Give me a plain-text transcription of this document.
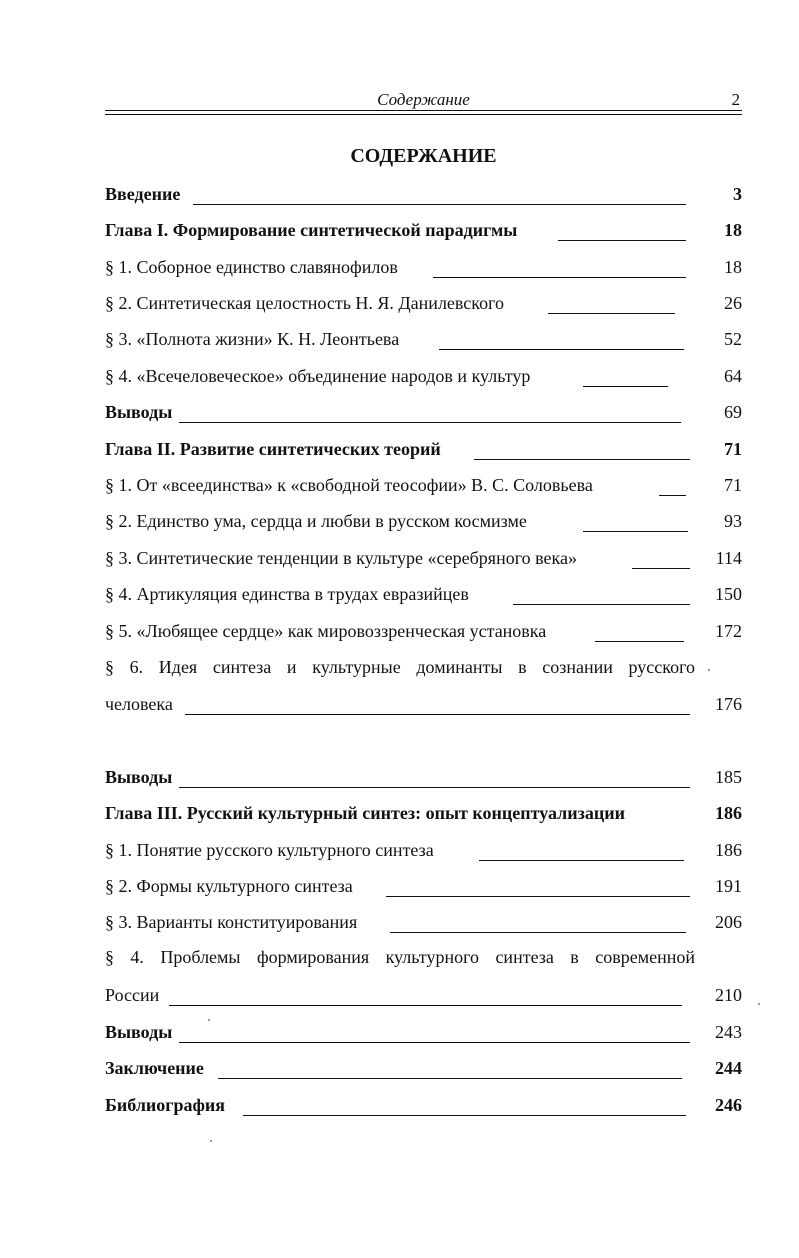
Содержание	2
СОДЕРЖАНИЕ
Введение	3
Глава I. Формирование синтетической парадигмы	18
§ 1. Соборное единство славянофилов	18
§ 2. Синтетическая целостность Н. Я. Данилевского	26
§ 3. «Полнота жизни» К. Н. Леонтьева	52
§ 4. «Всечеловеческое» объединение народов и культур	64
Выводы	69
Глава II. Развитие синтетических теорий	71
§ 1. От «всеединства» к «свободной теософии» В. С. Соловьева	71
§ 2. Единство ума, сердца и любви в русском космизме	93
§ 3. Синтетические тенденции в культуре «серебряного века»	114
§ 4. Артикуляция единства в трудах евразийцев	150
§ 5. «Любящее сердце» как мировоззренческая установка	172
§ 6. Идея синтеза и культурные доминанты в сознании русского
человека	176
Выводы	185
Глава III. Русский культурный синтез: опыт концептуализации	186
§ 1. Понятие русского культурного синтеза	186
§ 2. Формы культурного синтеза	191
§ 3. Варианты конституирования	206
§ 4. Проблемы формирования культурного синтеза в современной
России	210
Выводы	243
Заключение	244
Библиография	246
